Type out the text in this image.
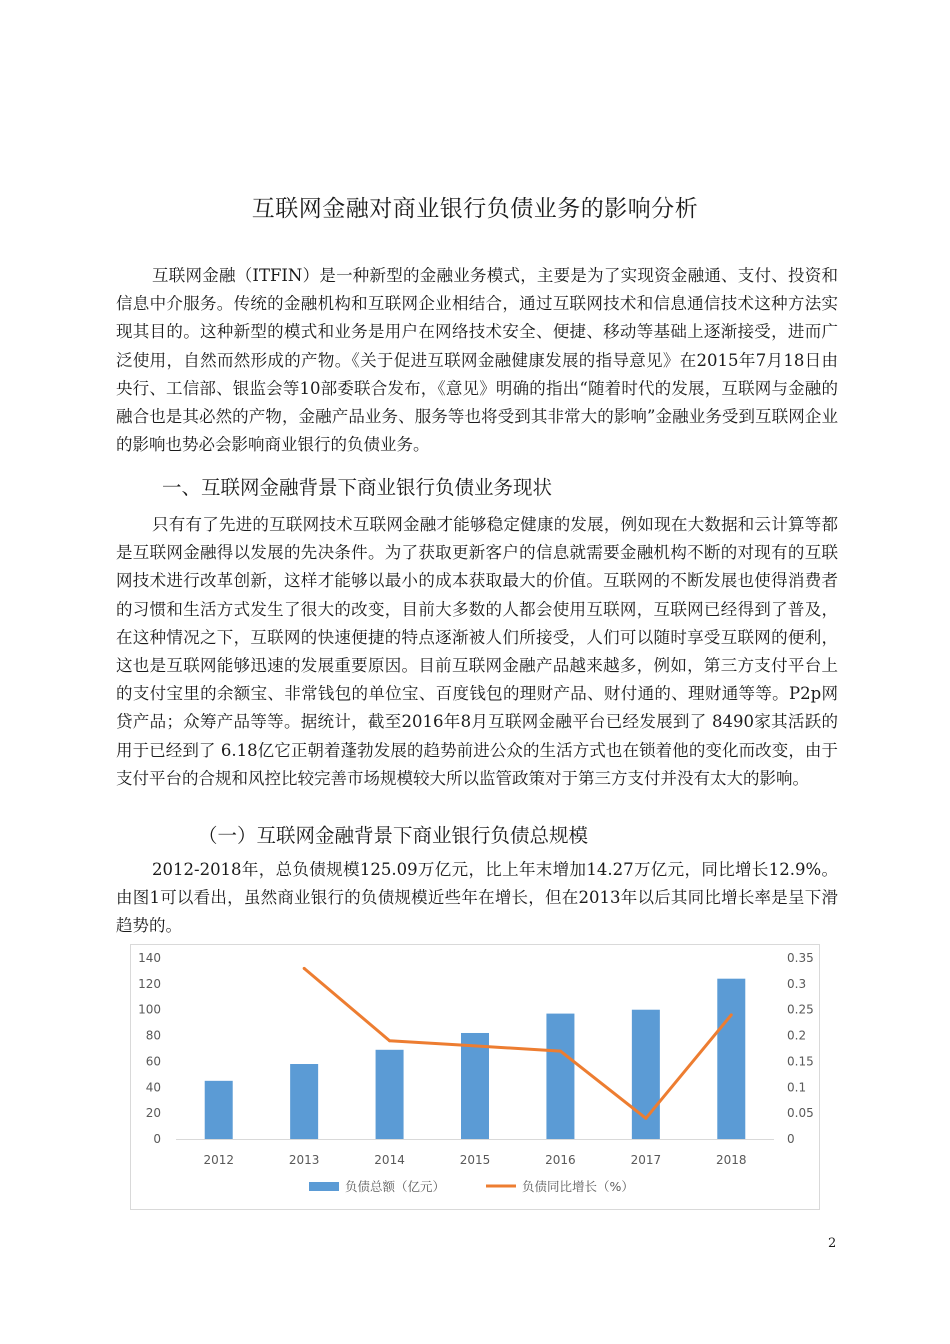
互联网金融对商业银行负债业务的影响分析

互联网金融（ITFIN）是一种新型的金融业务模式，主要是为了实现资金融通、支付、投资和信息中介服务。传统的金融机构和互联网企业相结合，通过互联网技术和信息通信技术这种方法实现其目的。这种新型的模式和业务是用户在网络技术安全、便捷、移动等基础上逐渐接受，进而广泛使用，自然而然形成的产物。《关于促进互联网金融健康发展的指导意见》在2015年7月18日由央行、工信部、银监会等10部委联合发布，《意见》明确的指出“随着时代的发展，互联网与金融的融合也是其必然的产物，金融产品业务、服务等也将受到其非常大的影响”金融业务受到互联网企业的影响也势必会影响商业银行的负债业务。

一、互联网金融背景下商业银行负债业务现状

只有有了先进的互联网技术互联网金融才能够稳定健康的发展，例如现在大数据和云计算等都是互联网金融得以发展的先决条件。为了获取更新客户的信息就需要金融机构不断的对现有的互联网技术进行改革创新，这样才能够以最小的成本获取最大的价值。互联网的不断发展也使得消费者的习惯和生活方式发生了很大的改变，目前大多数的人都会使用互联网，互联网已经得到了普及，在这种情况之下，互联网的快速便捷的特点逐渐被人们所接受，人们可以随时享受互联网的便利，这也是互联网能够迅速的发展重要原因。目前互联网金融产品越来越多，例如，第三方支付平台上的支付宝里的余额宝、非常钱包的单位宝、百度钱包的理财产品、财付通的、理财通等等。P2p网贷产品；众筹产品等等。据统计，截至2016年8月互联网金融平台已经发展到了 8490家其活跃的用于已经到了 6.18亿它正朝着蓬勃发展的趋势前进公众的生活方式也在锁着他的变化而改变，由于支付平台的合规和风控比较完善市场规模较大所以监管政策对于第三方支付并没有太大的影响。

（一）互联网金融背景下商业银行负债总规模

2012-2018年，总负债规模125.09万亿元，比上年末增加14.27万亿元，同比增长12.9%。由图1可以看出，虽然商业银行的负债规模近些年在增长，但在2013年以后其同比增长率是呈下滑趋势的。

0
20
40
60
80
100
120
140
0
0.05
0.1
0.15
0.2
0.25
0.3
0.35
2012	2013	2014	2015	2016	2017	2018
负债总额（亿元）	负债同比增长（%）
2
